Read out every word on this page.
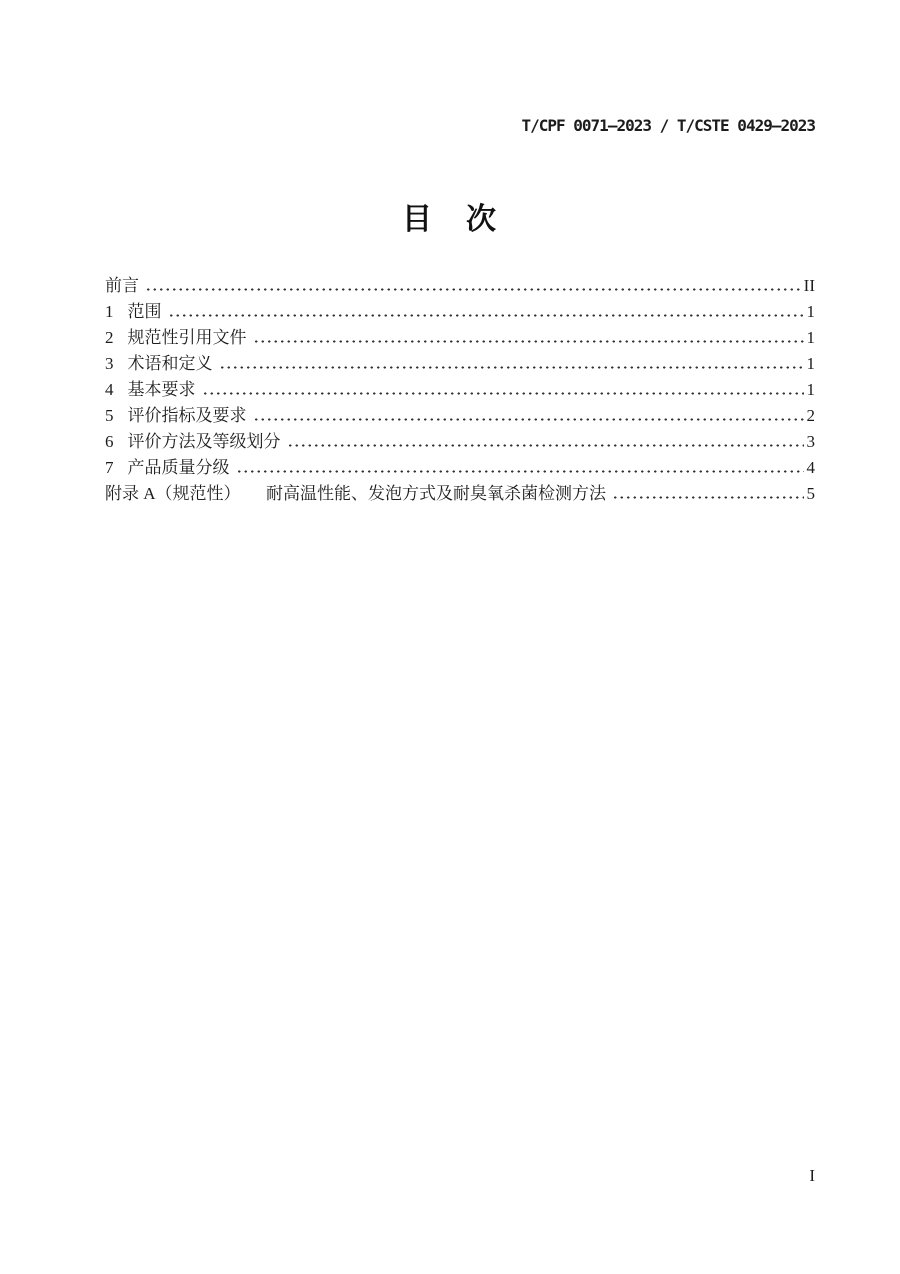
T/CPF 0071—2023 / T/CSTE 0429—2023
目　次
前言	II
1 范围	1
2 规范性引用文件	1
3 术语和定义	1
4 基本要求	1
5 评价指标及要求	2
6 评价方法及等级划分	3
7 产品质量分级	4
附录 A（规范性）　　耐高温性能、发泡方式及耐臭氧杀菌检测方法	5
I
